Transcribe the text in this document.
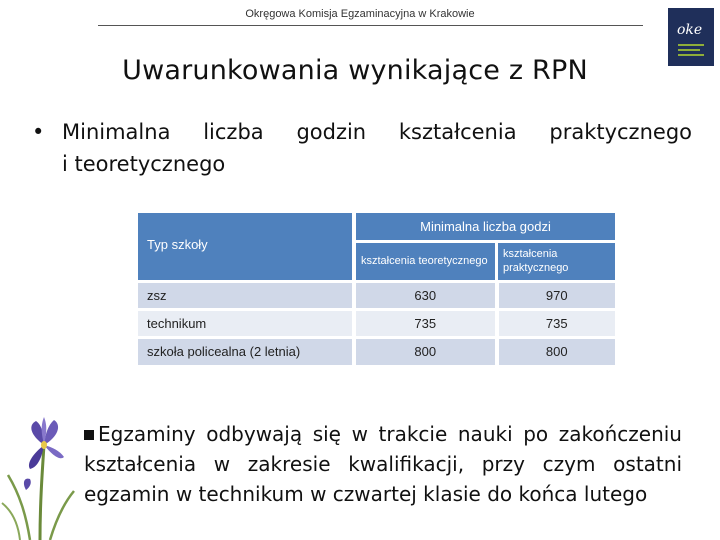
Okręgowa Komisja Egzaminacyjna w Krakowie
oke
Uwarunkowania wynikające z RPN
• Minimalna liczba godzin kształcenia praktycznego
i teoretycznego
Typ szkoły	Minimalna liczba godzi	
	kształcenia teoretycznego	kształcenia praktycznego
zsz	630	970
technikum	735	735
szkoła policealna (2 letnia)	800	800
Egzaminy odbywają się w trakcie nauki po zakończeniu kształcenia w zakresie kwalifikacji, przy czym ostatni egzamin w technikum w czwartej klasie do końca lutego
